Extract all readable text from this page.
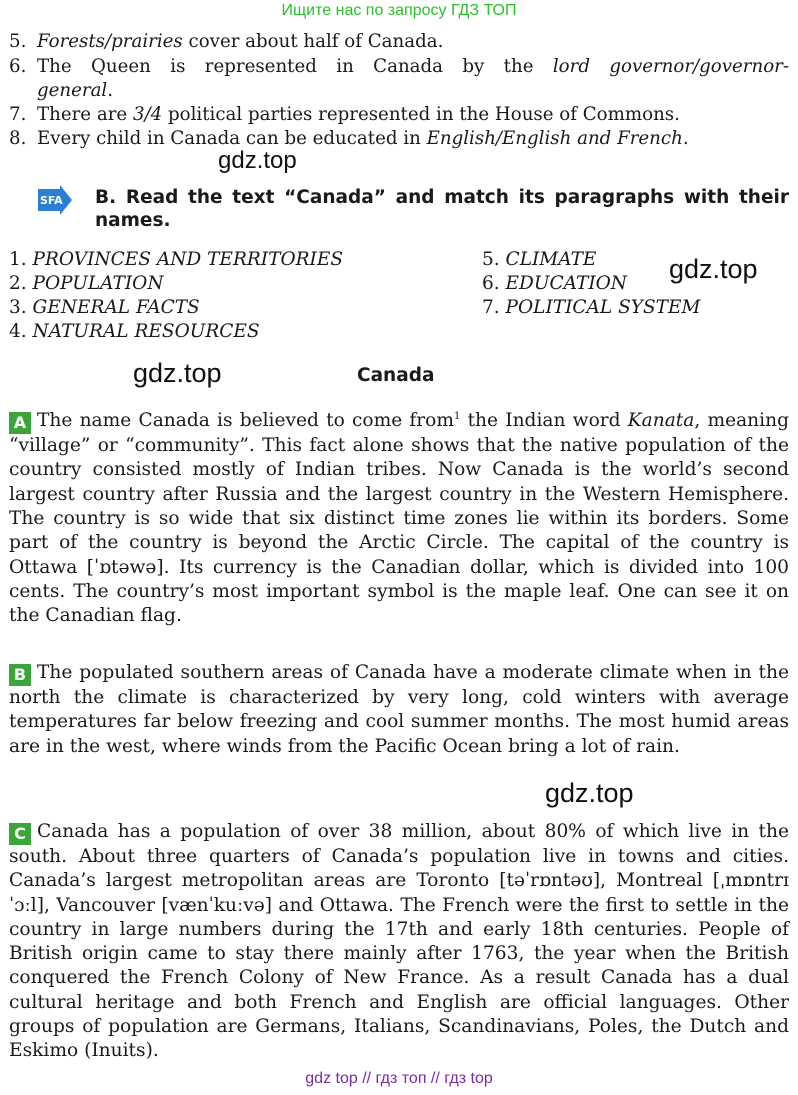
Ищите нас по запросу ГДЗ ТОП
5. Forests/prairies cover about half of Canada.
6. The Queen is represented in Canada by the lord governor/governor-
general.
7. There are 3/4 political parties represented in the House of Commons.
8. Every child in Canada can be educated in English/English and French.
gdz.top
SFA B. Read the text “Canada” and match its paragraphs with their
names.
1. PROVINCES AND TERRITORIES
2. POPULATION
3. GENERAL FACTS
4. NATURAL RESOURCES
5. CLIMATE
6. EDUCATION
7. POLITICAL SYSTEM
gdz.top
gdz.top	Canada

A The name Canada is believed to come from$^1$ the Indian word Kanata, meaning “village” or “community”. This fact alone shows that the native population of the country consisted mostly of Indian tribes. Now Canada is the world’s second largest country after Russia and the largest country in the Western Hemisphere. The country is so wide that six distinct time zones lie within its borders. Some part of the country is beyond the Arctic Circle. The capital of the country is Ottawa [ˈɒtəwə]. Its currency is the Canadian dollar, which is divided into 100 cents. The country’s most important symbol is the maple leaf. One can see it on the Canadian flag.

B The populated southern areas of Canada have a moderate climate when in the north the climate is characterized by very long, cold winters with average temperatures far below freezing and cool summer months. The most humid areas are in the west, where winds from the Pacific Ocean bring a lot of rain.

gdz.top

C Canada has a population of over 38 million, about 80% of which live in the south. About three quarters of Canada’s population live in towns and cities. Canada’s largest metropolitan areas are Toronto [təˈrɒntəʊ], Montreal [ˌmɒntrɪˈɔːl], Vancouver [vænˈkuːvə] and Ottawa. The French were the first to settle in the country in large numbers during the 17th and early 18th centuries. People of British origin came to stay there mainly after 1763, the year when the British conquered the French Colony of New France. As a result Canada has a dual cultural heritage and both French and English are official languages. Other groups of population are Germans, Italians, Scandinavians, Poles, the Dutch and Eskimo (Inuits).

gdz top // гдз топ // гдз top
